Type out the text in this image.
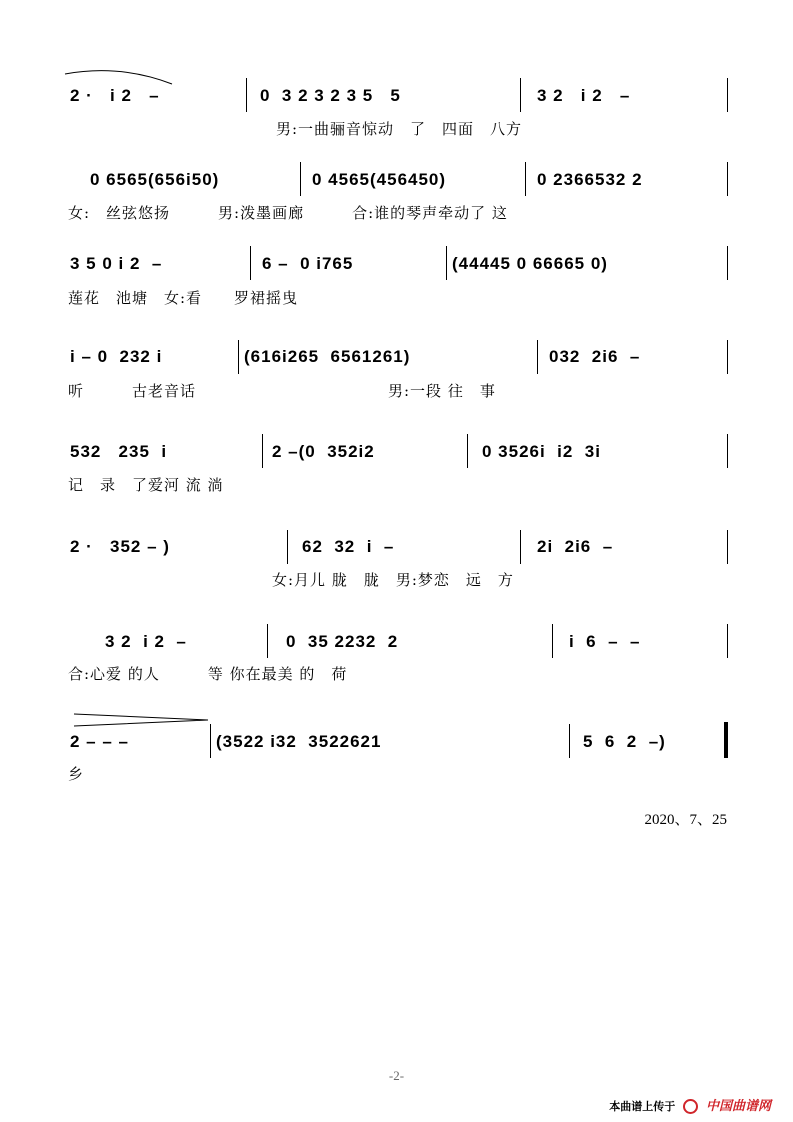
2 ·   i 2   –	0  3 2 3 2 3 5   5	3 2   i 2   –
男:一曲骊音惊动　了　四面　八方
0 6565(656i50)	0 4565(456450)	0 2366532 2
女:　丝弦悠扬　　　男:泼墨画廊　　　合:谁的琴声牵动了 这
3 5 0 i 2  –	6 –  0 i765	(44445 0 66665 0)
莲花　池塘　女:看　　罗裙摇曳
i – 0  232 i	(616i265  6561261)	032  2i6  –
听　　　古老音话　　　　　　　　　　　　男:一段 往　事
532   235  i	2 –(0  352i2	0 3526i  i2  3i
记　录　了爱河 流 淌
2 ·   352 – )	62  32  i  –	2i  2i6  –
女:月儿 胧　胧　男:梦恋　远　方
3 2  i 2  –	0  35 2232  2	i  6  –  –
合:心爱 的人　　　等 你在最美 的　荷
2 – – –	(3522 i32  3522621	5  6  2  –)
乡
2020、7、25
-2-
本曲谱上传于 中国曲谱网
